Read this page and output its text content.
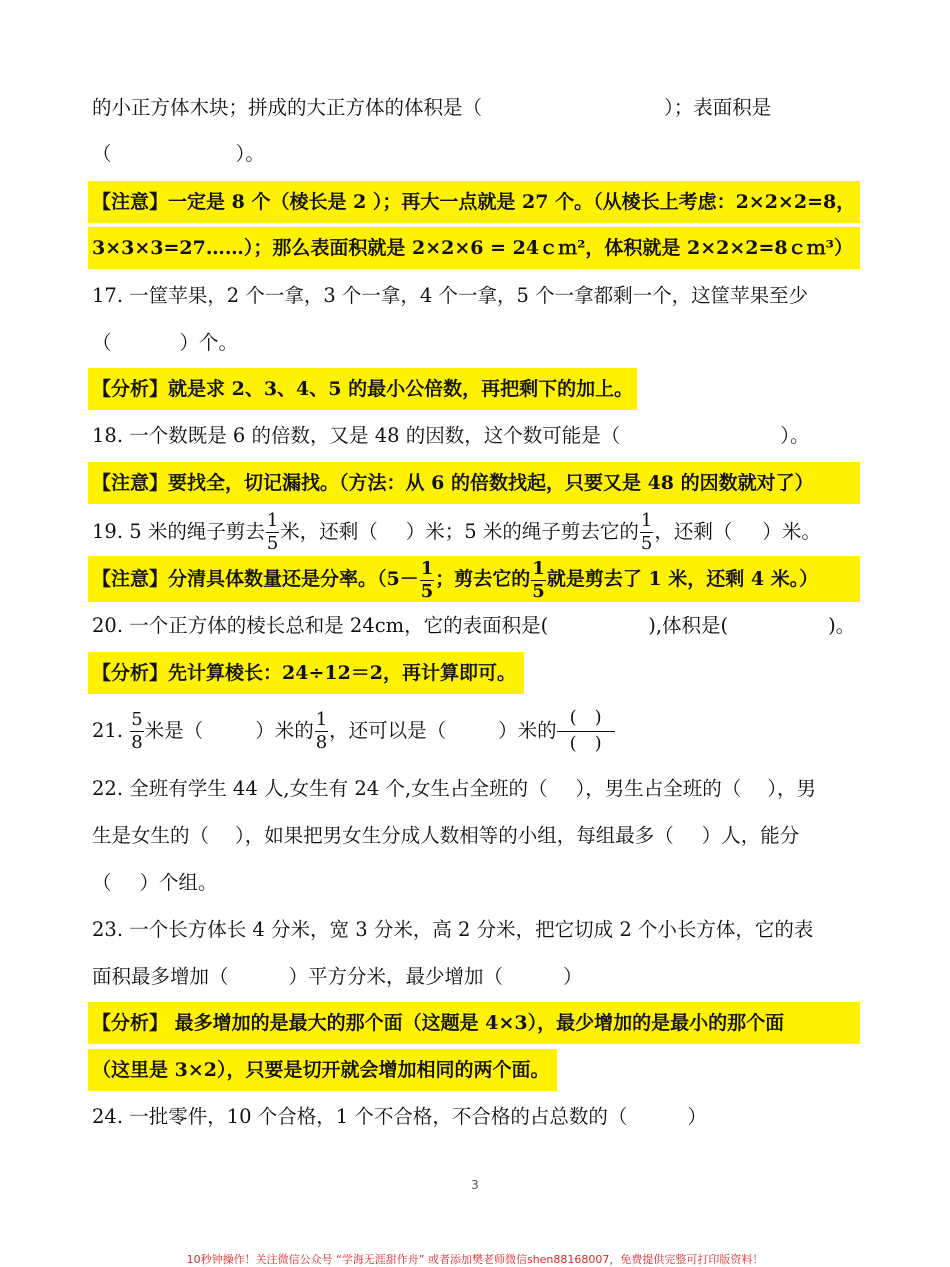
的小正方体木块；拼成的大正方体的体积是（	）；表面积是
（	）。
【注意】一定是 8 个（棱长是 2 ）；再大一点就是 27 个。（从棱长上考虑：2×2×2=8，
3×3×3=27……）；那么表面积就是 2×2×6 = 24ｃｍ²，体积就是 2×2×2=8ｃｍ³）
17. 一筐苹果，2 个一拿，3 个一拿，4 个一拿，5 个一拿都剩一个，这筐苹果至少
（	）个。
【分析】就是求 2、3、4、5 的最小公倍数，再把剩下的加上。
18. 一个数既是 6 的倍数，又是 48 的因数，这个数可能是（	）。
【注意】要找全，切记漏找。（方法：从 6 的倍数找起，只要又是 48 的因数就对了）
19. 5 米的绳子剪去 $\frac{1}{5}$ 米，还剩（ ）米；5 米的绳子剪去它的 $\frac{1}{5}$ ，还剩（ ）米。
【注意】分清具体数量还是分率。（$5- \frac{1}{5}$ ；剪去它的 $\frac{1}{5}$ 就是剪去了 1 米，还剩 4 米。）
20. 一个正方体的棱长总和是 24cm，它的表面积是(	),体积是(	)。
【分析】先计算棱长：24÷12＝2，再计算即可。
21. $\frac{5}{8}$ 米是（	）米的 $\frac{1}{8}$ ，还可以是（	）米的
(　)
(　)
22. 全班有学生 44 人,女生有 24 个,女生占全班的（ ），男生占全班的（ ），男
生是女生的（ ），如果把男女生分成人数相等的小组，每组最多（ ）人，能分
（ ）个组。
23. 一个长方体长 4 分米，宽 3 分米，高 2 分米，把它切成 2 个小长方体，它的表
面积最多增加（	）平方分米，最少增加（	）
【分析】 最多增加的是最大的那个面（这题是 4×3），最少增加的是最小的那个面
（这里是 3×2），只要是切开就会增加相同的两个面。
24. 一批零件，10 个合格，1 个不合格，不合格的占总数的（	）
3
10秒钟操作！关注微信公众号 “学海无涯甜作舟” 或者添加樊老师微信shen88168007，免费提供完整可打印版资料！
